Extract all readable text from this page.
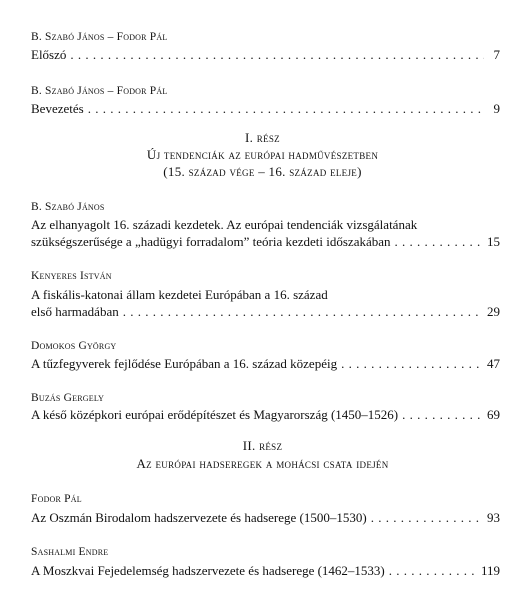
B. Szabó János – Fodor Pál
Előszó . . .	7
B. Szabó János – Fodor Pál
Bevezetés . . .	9
I. rész
Új tendenciák az európai hadművészetben
(15. század vége – 16. század eleje)
B. Szabó János
Az elhanyagolt 16. századi kezdetek. Az európai tendenciák vizsgálatának
szükségszerűsége a „hadügyi forradalom” teória kezdeti időszakában . . .	15
Kenyeres István
A fiskális-katonai állam kezdetei Európában a 16. század
első harmadában . . .	29
Domokos György
A tűzfegyverek fejlődése Európában a 16. század közepéig . . .	47
Buzás Gergely
A késő középkori európai erődépítészet és Magyarország (1450–1526) . . .	69
II. rész
Az európai hadseregek a mohácsi csata idején
Fodor Pál
Az Oszmán Birodalom hadszervezete és hadserege (1500–1530) . . .	93
Sashalmi Endre
A Moszkvai Fejedelemség hadszervezete és hadserege (1462–1533) . . .	119
